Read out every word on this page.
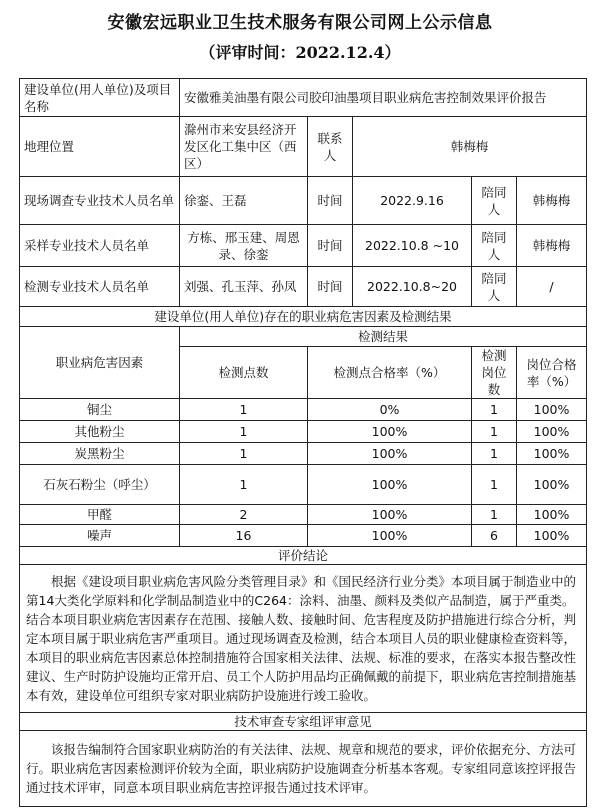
安徽宏远职业卫生技术服务有限公司网上公示信息
（评审时间：2022.12.4）
建设单位(用人单位)及项目名称	安徽雅美油墨有限公司胶印油墨项目职业病危害控制效果评价报告				
地理位置	滁州市来安县经济开发区化工集中区（西区）	联系人	韩梅梅		
现场调查专业技术人员名单	徐銮、王磊	时间	2022.9.16	陪同人	韩梅梅
采样专业技术人员名单	方栋、邢玉建、周恩录、徐銮	时间	2022.10.8 ~10	陪同人	韩梅梅
检测专业技术人员名单	刘强、孔玉萍、孙凤	时间	2022.10.8~20	陪同人	/
建设单位(用人单位)存在的职业病危害因素及检测结果					
职业病危害因素	检测结果				
	检测点数	检测点合格率（%）		检测岗位数	岗位合格率（%）
铜尘	1	0%		1	100%
其他粉尘	1	100%		1	100%
炭黑粉尘	1	100%		1	100%
石灰石粉尘（呼尘）	1	100%		1	100%
甲醛	2	100%		1	100%
噪声	16	100%		6	100%
评价结论					
根据《建设项目职业病危害风险分类管理目录》和《国民经济行业分类》本项目属于制造业中的第14大类化学原料和化学制品制造业中的C264：涂料、油墨、颜料及类似产品制造，属于严重类。结合本项目职业病危害因素存在范围、接触人数、接触时间、危害程度及防护措施进行综合分析，判定本项目属于职业病危害严重项目。通过现场调查及检测，结合本项目人员的职业健康检查资料等，本项目的职业病危害因素总体控制措施符合国家相关法律、法规、标准的要求，在落实本报告整改性建议、生产时防护设施均正常开启、员工个人防护用品均正确佩戴的前提下，职业病危害控制措施基本有效，建设单位可组织专家对职业病防护设施进行竣工验收。					
技术审查专家组评审意见					
该报告编制符合国家职业病防治的有关法律、法规、规章和规范的要求，评价依据充分、方法可行。职业病危害因素检测评价较为全面，职业病防护设施调查分析基本客观。专家组同意该控评报告通过技术评审，同意本项目职业病危害控评报告通过技术评审。					
